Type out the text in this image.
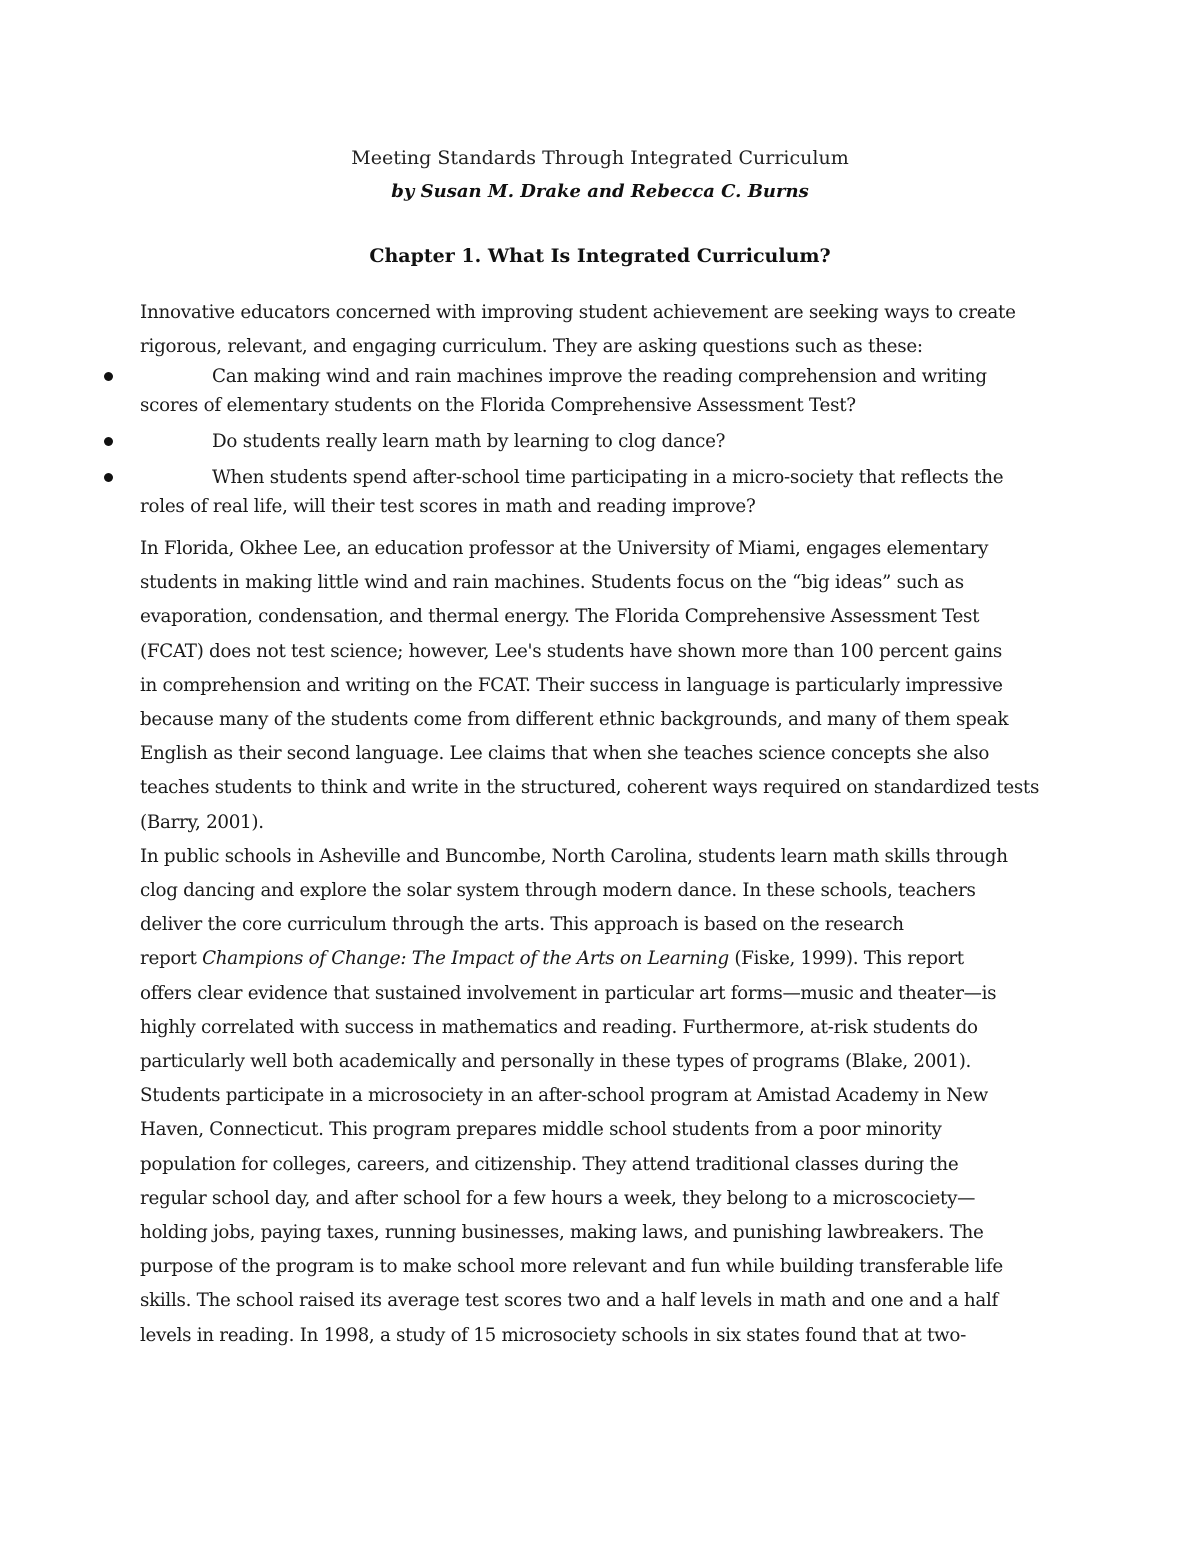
Meeting Standards Through Integrated Curriculum
by Susan M. Drake and Rebecca C. Burns
Chapter 1. What Is Integrated Curriculum?
Innovative educators concerned with improving student achievement are seeking ways to create
rigorous, relevant, and engaging curriculum. They are asking questions such as these:
Can making wind and rain machines improve the reading comprehension and writing
scores of elementary students on the Florida Comprehensive Assessment Test?
Do students really learn math by learning to clog dance?
When students spend after-school time participating in a micro-society that reflects the
roles of real life, will their test scores in math and reading improve?

In Florida, Okhee Lee, an education professor at the University of Miami, engages elementary
students in making little wind and rain machines. Students focus on the “big ideas” such as
evaporation, condensation, and thermal energy. The Florida Comprehensive Assessment Test
(FCAT) does not test science; however, Lee's students have shown more than 100 percent gains
in comprehension and writing on the FCAT. Their success in language is particularly impressive
because many of the students come from different ethnic backgrounds, and many of them speak
English as their second language. Lee claims that when she teaches science concepts she also
teaches students to think and write in the structured, coherent ways required on standardized tests
(Barry, 2001).

In public schools in Asheville and Buncombe, North Carolina, students learn math skills through
clog dancing and explore the solar system through modern dance. In these schools, teachers
deliver the core curriculum through the arts. This approach is based on the research
report Champions of Change: The Impact of the Arts on Learning (Fiske, 1999). This report
offers clear evidence that sustained involvement in particular art forms—music and theater—is
highly correlated with success in mathematics and reading. Furthermore, at-risk students do
particularly well both academically and personally in these types of programs (Blake, 2001).

Students participate in a microsociety in an after-school program at Amistad Academy in New
Haven, Connecticut. This program prepares middle school students from a poor minority
population for colleges, careers, and citizenship. They attend traditional classes during the
regular school day, and after school for a few hours a week, they belong to a microscociety—
holding jobs, paying taxes, running businesses, making laws, and punishing lawbreakers. The
purpose of the program is to make school more relevant and fun while building transferable life
skills. The school raised its average test scores two and a half levels in math and one and a half
levels in reading. In 1998, a study of 15 microsociety schools in six states found that at two-
